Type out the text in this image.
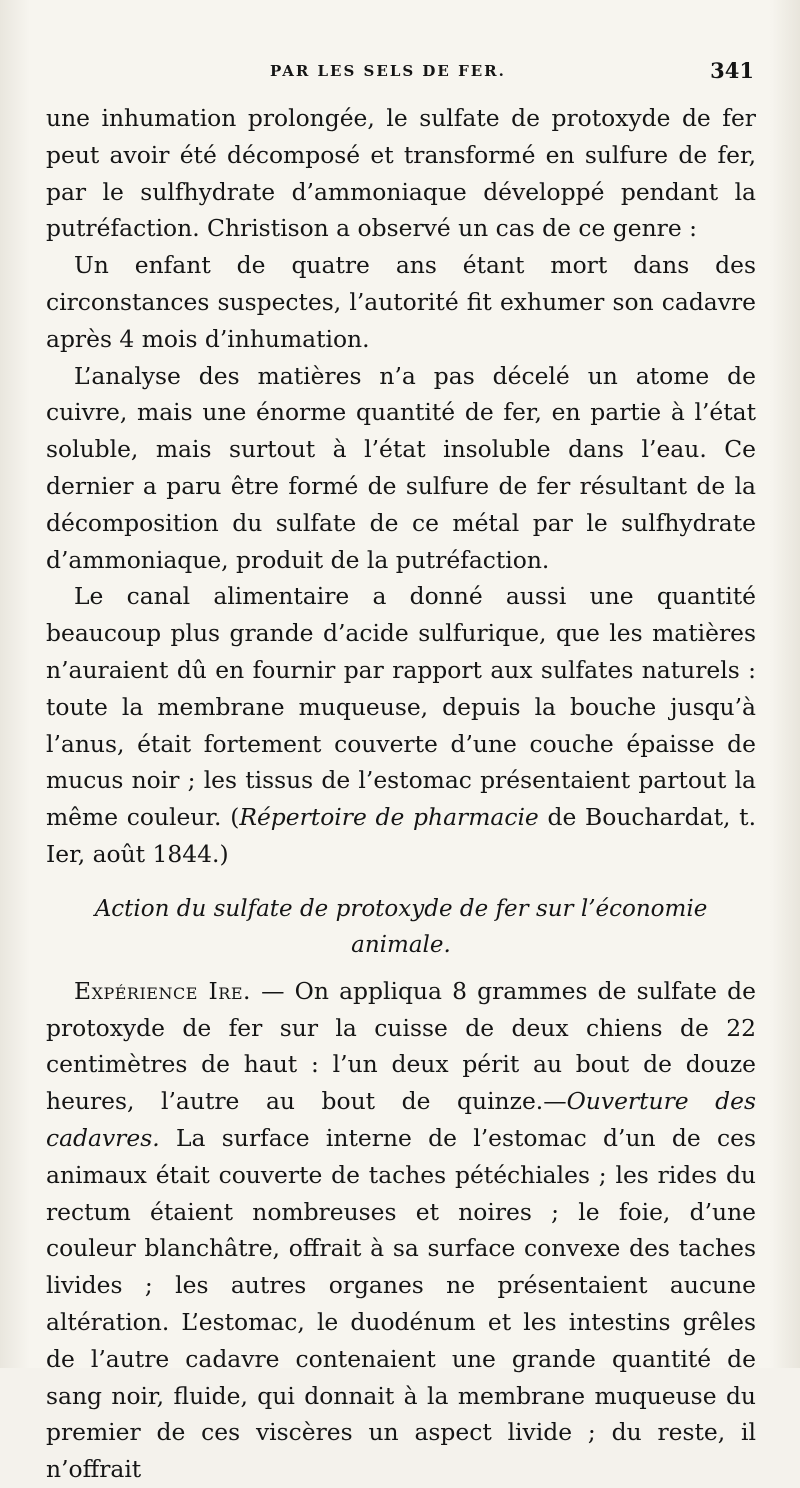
PAR LES SELS DE FER.	341

une inhumation prolongée, le sulfate de protoxyde de fer peut avoir été décomposé et transformé en sulfure de fer, par le sulfhydrate d’ammoniaque développé pendant la putréfaction. Christison a observé un cas de ce genre :

Un enfant de quatre ans étant mort dans des circonstances suspectes, l’autorité fit exhumer son cadavre après 4 mois d’inhumation.

L’analyse des matières n’a pas décelé un atome de cuivre, mais une énorme quantité de fer, en partie à l’état soluble, mais surtout à l’état insoluble dans l’eau. Ce dernier a paru être formé de sulfure de fer résultant de la décomposition du sulfate de ce métal par le sulfhydrate d’ammoniaque, produit de la putréfaction.

Le canal alimentaire a donné aussi une quantité beaucoup plus grande d’acide sulfurique, que les matières n’auraient dû en fournir par rapport aux sulfates naturels : toute la membrane muqueuse, depuis la bouche jusqu’à l’anus, était fortement couverte d’une couche épaisse de mucus noir ; les tissus de l’estomac présentaient partout la même couleur. (Répertoire de pharmacie de Bouchardat, t. Ier, août 1844.)

Action du sulfate de protoxyde de fer sur l’économie animale.

Expérience Ire. — On appliqua 8 grammes de sulfate de protoxyde de fer sur la cuisse de deux chiens de 22 centimètres de haut : l’un deux périt au bout de douze heures, l’autre au bout de quinze.—Ouverture des cadavres. La surface interne de l’estomac d’un de ces animaux était couverte de taches pétéchiales ; les rides du rectum étaient nombreuses et noires ; le foie, d’une couleur blanchâtre, offrait à sa surface convexe des taches livides ; les autres organes ne présentaient aucune altération. L’estomac, le duodénum et les intestins grêles de l’autre cadavre contenaient une grande quantité de sang noir, fluide, qui donnait à la membrane muqueuse du premier de ces viscères un aspect livide ; du reste, il n’offrait
